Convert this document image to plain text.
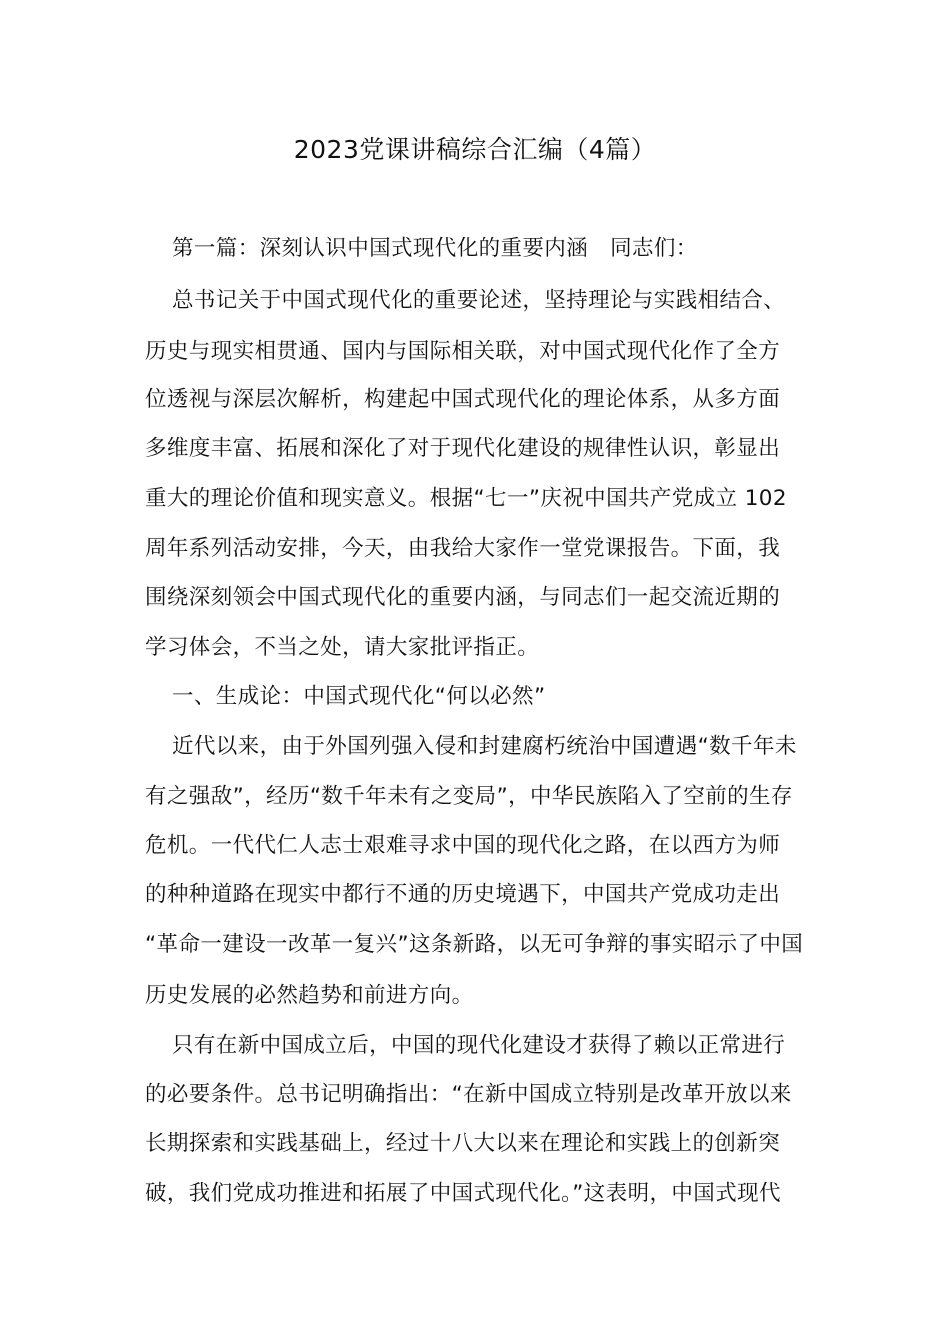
2023党课讲稿综合汇编（4篇）
第一篇：深刻认识中国式现代化的重要内涵 同志们：
总书记关于中国式现代化的重要论述，坚持理论与实践相结合、
历史与现实相贯通、国内与国际相关联，对中国式现代化作了全方
位透视与深层次解析，构建起中国式现代化的理论体系，从多方面
多维度丰富、拓展和深化了对于现代化建设的规律性认识，彰显出
重大的理论价值和现实意义。根据“七一”庆祝中国共产党成立 102
周年系列活动安排，今天，由我给大家作一堂党课报告。下面，我
围绕深刻领会中国式现代化的重要内涵，与同志们一起交流近期的
学习体会，不当之处，请大家批评指正。
一、生成论：中国式现代化“何以必然”
近代以来，由于外国列强入侵和封建腐朽统治中国遭遇“数千年未
有之强敌”，经历“数千年未有之变局”，中华民族陷入了空前的生存
危机。一代代仁人志士艰难寻求中国的现代化之路，在以西方为师
的种种道路在现实中都行不通的历史境遇下，中国共产党成功走出
“革命一建设一改革一复兴”这条新路，以无可争辩的事实昭示了中国
历史发展的必然趋势和前进方向。
只有在新中国成立后，中国的现代化建设才获得了赖以正常进行
的必要条件。总书记明确指出：“在新中国成立特别是改革开放以来
长期探索和实践基础上，经过十八大以来在理论和实践上的创新突
破，我们党成功推进和拓展了中国式现代化。”这表明，中国式现代
